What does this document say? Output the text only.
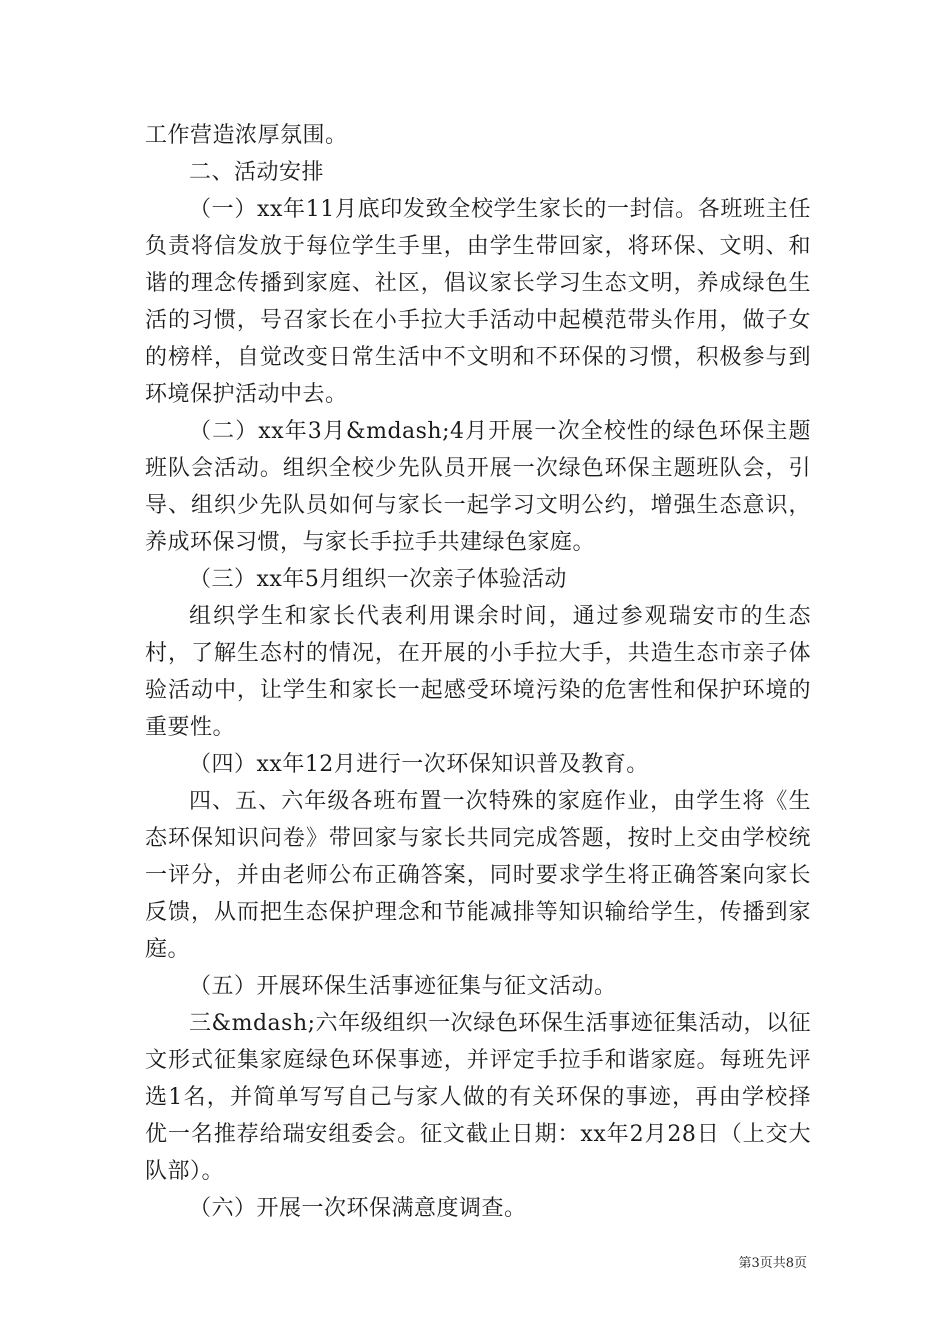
工作营造浓厚氛围。

二、活动安排

（一）xx年11月底印发致全校学生家长的一封信。各班班主任负责将信发放于每位学生手里，由学生带回家，将环保、文明、和谐的理念传播到家庭、社区，倡议家长学习生态文明，养成绿色生活的习惯，号召家长在小手拉大手活动中起模范带头作用，做子女的榜样，自觉改变日常生活中不文明和不环保的习惯，积极参与到环境保护活动中去。

（二）xx年3月&mdash;4月开展一次全校性的绿色环保主题班队会活动。组织全校少先队员开展一次绿色环保主题班队会，引导、组织少先队员如何与家长一起学习文明公约，增强生态意识，养成环保习惯，与家长手拉手共建绿色家庭。

（三）xx年5月组织一次亲子体验活动

组织学生和家长代表利用课余时间，通过参观瑞安市的生态村，了解生态村的情况，在开展的小手拉大手，共造生态市亲子体验活动中，让学生和家长一起感受环境污染的危害性和保护环境的重要性。

（四）xx年12月进行一次环保知识普及教育。

四、五、六年级各班布置一次特殊的家庭作业，由学生将《生态环保知识问卷》带回家与家长共同完成答题，按时上交由学校统一评分，并由老师公布正确答案，同时要求学生将正确答案向家长反馈，从而把生态保护理念和节能减排等知识输给学生，传播到家庭。

（五）开展环保生活事迹征集与征文活动。

三&mdash;六年级组织一次绿色环保生活事迹征集活动，以征文形式征集家庭绿色环保事迹，并评定手拉手和谐家庭。每班先评选1名，并简单写写自己与家人做的有关环保的事迹，再由学校择优一名推荐给瑞安组委会。征文截止日期：xx年2月28日（上交大队部）。

（六）开展一次环保满意度调查。

第3页共8页
